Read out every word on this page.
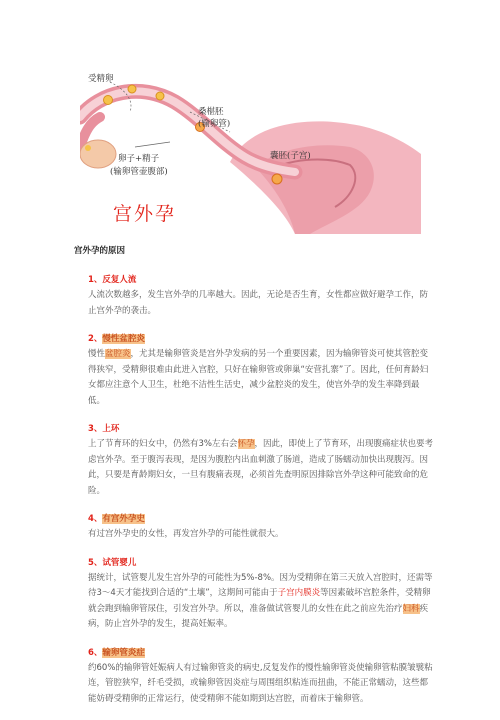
受精卵
桑椹胚
(输卵管)
囊胚(子宫)
卵子+精子
(输卵管壶腹部)
宫外孕
宫外孕的原因
1、反复人流
人流次数越多，发生宫外孕的几率越大。因此，无论是否生育，女性都应做好避孕工作，防止宫外孕的袭击。
2、慢性盆腔炎
慢性盆腔炎，尤其是输卵管炎是宫外孕发病的另一个重要因素，因为输卵管炎可使其管腔变得狭窄，受精卵很难由此进入宫腔，只好在输卵管或卵巢“安营扎寨”了。因此，任何育龄妇女都应注意个人卫生，杜绝不洁性生活史，减少盆腔炎的发生，使宫外孕的发生率降到最低。
3、上环
上了节育环的妇女中，仍然有3%左右会怀孕，因此，即使上了节育环，出现腹痛症状也要考虑宫外孕。至于腹泻表现，是因为腹腔内出血刺激了肠道，造成了肠蠕动加快出现腹泻。因此，只要是育龄期妇女，一旦有腹痛表现，必须首先查明原因排除宫外孕这种可能致命的危险。
4、有宫外孕史
有过宫外孕史的女性，再发宫外孕的可能性就很大。
5、试管婴儿
据统计，试管婴儿发生宫外孕的可能性为5%-8%。因为受精卵在第三天放入宫腔时，还需等待3～4天才能找到合适的“土壤”，这期间可能由于子宫内膜炎等因素破坏宫腔条件，受精卵就会跑到输卵管尿住，引发宫外孕。所以，准备做试管婴儿的女性在此之前应先治疗妇科疾病，防止宫外孕的发生，提高妊娠率。
6、输卵管炎症
约60%的输卵管妊娠病人有过输卵管炎的病史,反复发作的慢性输卵管炎使输卵管粘膜皱襞粘连，管腔狭窄，纤毛受损，或输卵管因炎症与周围组织粘连而扭曲，不能正常蠕动，这些都能妨碍受精卵的正常运行，使受精卵不能如期到达宫腔，而着床于输卵管。
